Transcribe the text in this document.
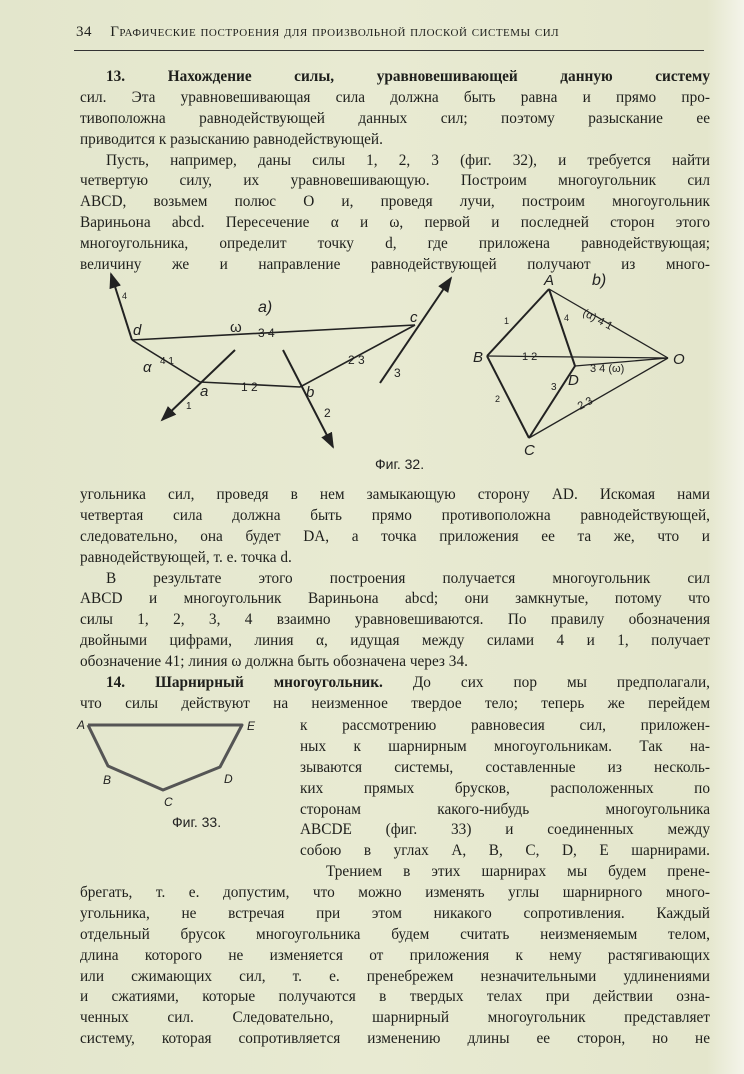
34 Графические построения для произвольной плоской системы сил
13. Нахождение силы, уравновешивающей данную систему
сил. Эта уравновешивающая сила должна быть равна и прямо про-
тивоположна равнодействующей данных сил; поэтому разыскание ее
приводится к разысканию равнодействующей.
Пусть, например, даны силы 1, 2, 3 (фиг. 32), и требуется найти
четвертую силу, их уравновешивающую. Построим многоугольник сил
ABCD, возьмем полюс O и, проведя лучи, построим многоугольник
Вариньона abcd. Пересечение α и ω, первой и последней сторон этого
многоугольника, определит точку d, где приложена равнодействующая;
величину же и направление равнодействующей получают из много-
угольника сил, проведя в нем замыкающую сторону AD. Искомая нами
четвертая сила должна быть прямо противоположна равнодействующей,
следовательно, она будет DA, а точка приложения ее та же, что и
равнодействующей, т. е. точка d.
В результате этого построения получается многоугольник сил
ABCD и многоугольник Вариньона abcd; они замкнутые, потому что
силы 1, 2, 3, 4 взаимно уравновешиваются. По правилу обозначения
двойными цифрами, линия α, идущая между силами 4 и 1, получает
обозначение 41; линия ω должна быть обозначена через 34.
14. Шарнирный многоугольник. До сих пор мы предполагали,
что силы действуют на неизменное твердое тело; теперь же перейдем
к рассмотрению равновесия сил, приложен-
ных к шарнирным многоугольникам. Так на-
зываются системы, составленные из несколь-
ких прямых брусков, расположенных по
сторонам какого-нибудь многоугольника
ABCDE (фиг. 33) и соединенных между
собою в углах A, B, C, D, E шарнирами.
Трением в этих шарнирах мы будем прене-
брегать, т. е. допустим, что можно изменять углы шарнирного много-
угольника, не встречая при этом никакого сопротивления. Каждый
отдельный брусок многоугольника будем считать неизменяемым телом,
длина которого не изменяется от приложения к нему растягивающих
или сжимающих сил, т. е. пренебрежем незначительными удлинениями
и сжатиями, которые получаются в твердых телах при действии озна-
ченных сил. Следовательно, шарнирный многоугольник представляет
систему, которая сопротивляется изменению длины ее сторон, но не
a)
d
a	b
c
α
ω
4
1	2
3
4 1
1 2
2 3
3 4
A b)
B
C
D
O
1
2
3
4 (α) 4 1
1 2
3 4 (ω)
2 3
Фиг. 32.
A	E
B	D
C
Фиг. 33.
